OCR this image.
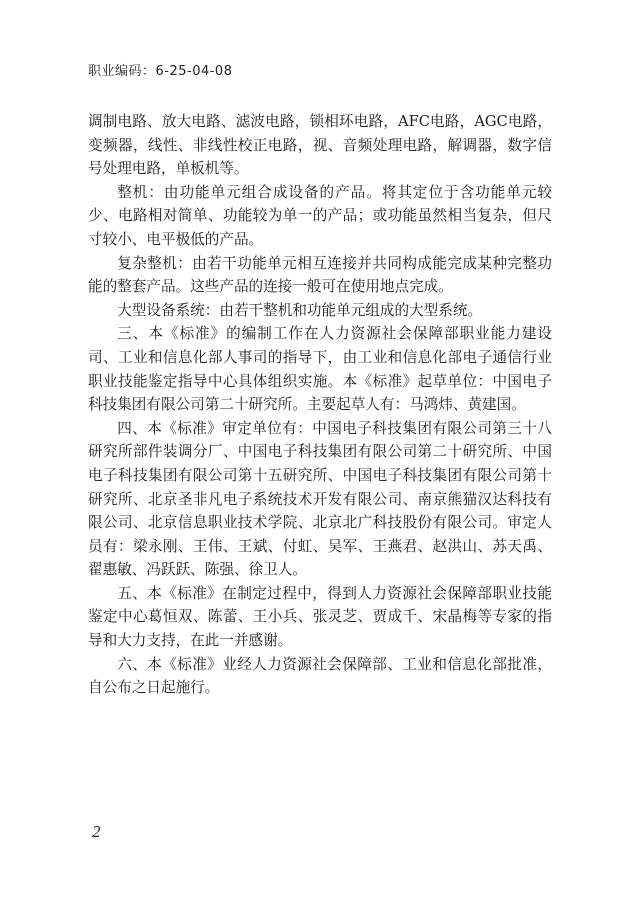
职业编码：6-25-04-08

调制电路、放大电路、滤波电路，锁相环电路，AFC电路，AGC电路，变频器，线性、非线性校正电路，视、音频处理电路，解调器，数字信号处理电路，单板机等。

整机：由功能单元组合成设备的产品。将其定位于含功能单元较少、电路相对简单、功能较为单一的产品；或功能虽然相当复杂，但尺寸较小、电平极低的产品。

复杂整机：由若干功能单元相互连接并共同构成能完成某种完整功能的整套产品。这些产品的连接一般可在使用地点完成。

大型设备系统：由若干整机和功能单元组成的大型系统。

三、本《标准》的编制工作在人力资源社会保障部职业能力建设司、工业和信息化部人事司的指导下，由工业和信息化部电子通信行业职业技能鉴定指导中心具体组织实施。本《标准》起草单位：中国电子科技集团有限公司第二十研究所。主要起草人有：马鸿炜、黄建国。

四、本《标准》审定单位有：中国电子科技集团有限公司第三十八研究所部件装调分厂、中国电子科技集团有限公司第二十研究所、中国电子科技集团有限公司第十五研究所、中国电子科技集团有限公司第十研究所、北京圣非凡电子系统技术开发有限公司、南京熊猫汉达科技有限公司、北京信息职业技术学院、北京北广科技股份有限公司。审定人员有：梁永刚、王伟、王斌、付虹、吴军、王燕君、赵洪山、苏天禹、翟惠敏、冯跃跃、陈强、徐卫人。

五、本《标准》在制定过程中，得到人力资源社会保障部职业技能鉴定中心葛恒双、陈蕾、王小兵、张灵芝、贾成千、宋晶梅等专家的指导和大力支持，在此一并感谢。

六、本《标准》业经人力资源社会保障部、工业和信息化部批准，自公布之日起施行。

2
